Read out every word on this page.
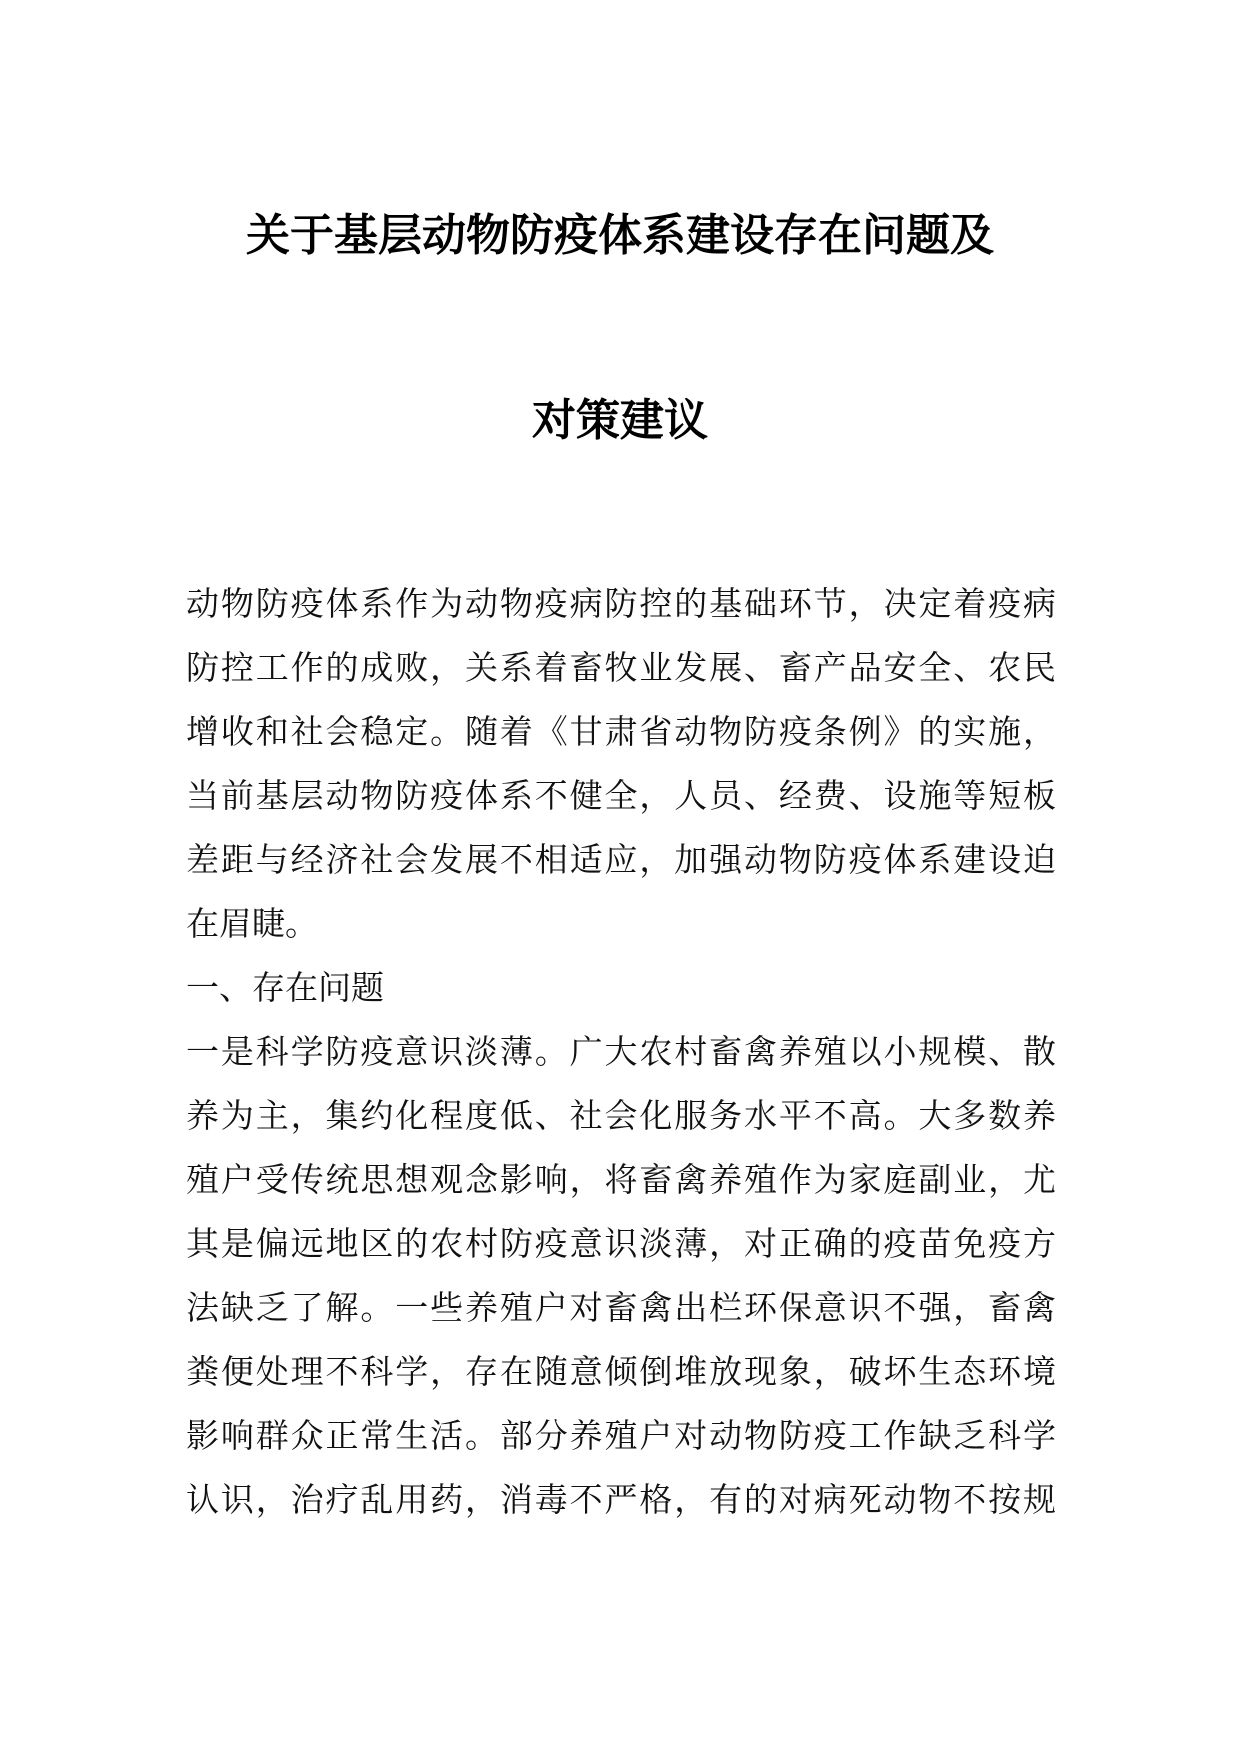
关于基层动物防疫体系建设存在问题及
对策建议
动物防疫体系作为动物疫病防控的基础环节，决定着疫病
防控工作的成败，关系着畜牧业发展、畜产品安全、农民
增收和社会稳定。随着《甘肃省动物防疫条例》的实施，
当前基层动物防疫体系不健全，人员、经费、设施等短板
差距与经济社会发展不相适应，加强动物防疫体系建设迫
在眉睫。
一、存在问题
一是科学防疫意识淡薄。广大农村畜禽养殖以小规模、散
养为主，集约化程度低、社会化服务水平不高。大多数养
殖户受传统思想观念影响，将畜禽养殖作为家庭副业，尤
其是偏远地区的农村防疫意识淡薄，对正确的疫苗免疫方
法缺乏了解。一些养殖户对畜禽出栏环保意识不强，畜禽
粪便处理不科学，存在随意倾倒堆放现象，破坏生态环境
影响群众正常生活。部分养殖户对动物防疫工作缺乏科学
认识，治疗乱用药，消毒不严格，有的对病死动物不按规
